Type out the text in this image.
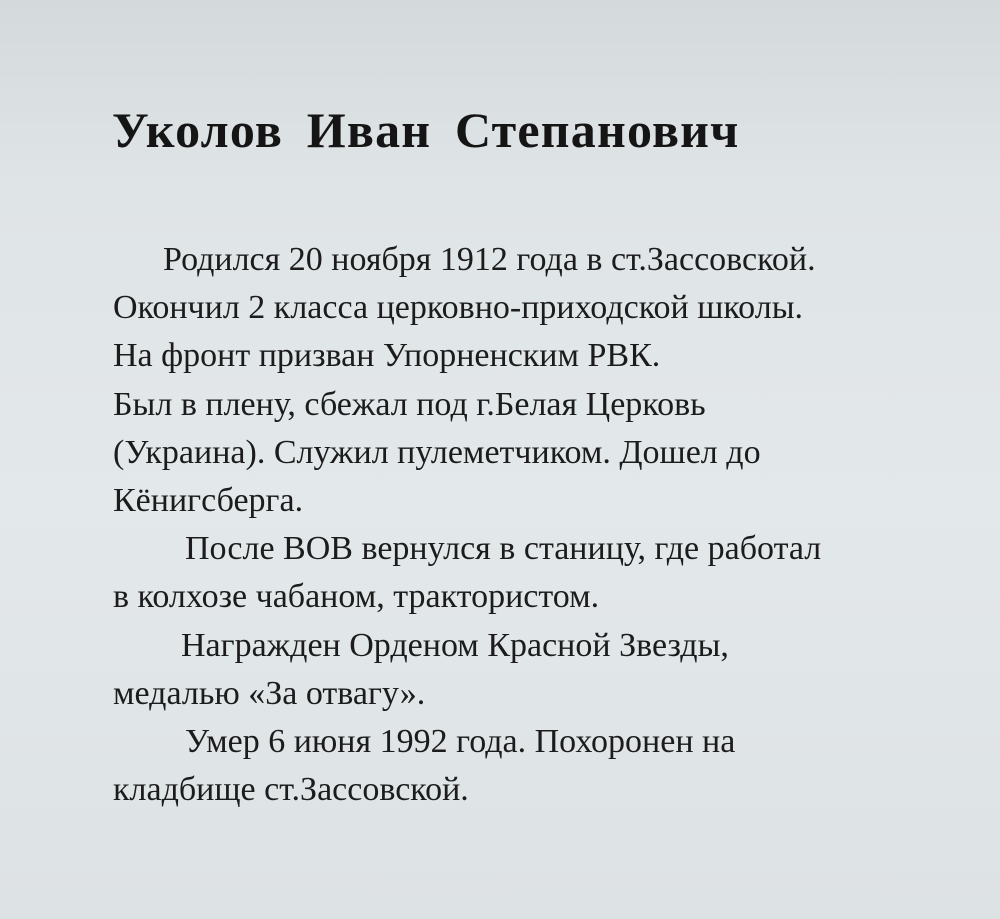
Уколов Иван Степанович
Родился 20 ноября 1912 года в ст.Зассовской.
Окончил 2 класса церковно-приходской школы.
На фронт призван Упорненским РВК.
Был в плену, сбежал под г.Белая Церковь
(Украина). Служил пулеметчиком. Дошел до
Кёнигсберга.
После ВОВ вернулся в станицу, где работал
в колхозе чабаном, трактористом.
Награжден Орденом Красной Звезды,
медалью «За отвагу».
Умер 6 июня 1992 года. Похоронен на
кладбище ст.Зассовской.
